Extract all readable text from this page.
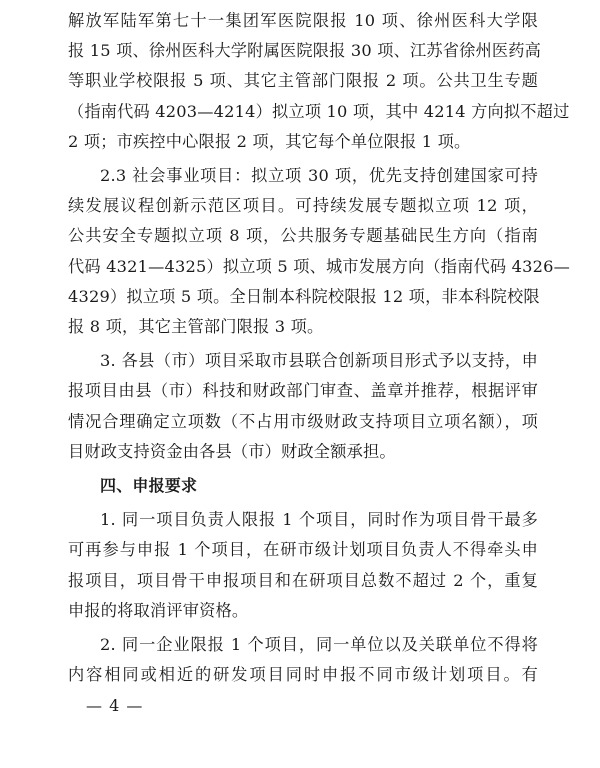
解放军陆军第七十一集团军医院限报 10 项、徐州医科大学限
报 15 项、徐州医科大学附属医院限报 30 项、江苏省徐州医药高
等职业学校限报 5 项、其它主管部门限报 2 项。公共卫生专题
（指南代码 4203—4214）拟立项 10 项，其中 4214 方向拟不超过
2 项；市疾控中心限报 2 项，其它每个单位限报 1 项。
2.3 社会事业项目：拟立项 30 项，优先支持创建国家可持
续发展议程创新示范区项目。可持续发展专题拟立项 12 项，
公共安全专题拟立项 8 项，公共服务专题基础民生方向（指南
代码 4321—4325）拟立项 5 项、城市发展方向（指南代码 4326—
4329）拟立项 5 项。全日制本科院校限报 12 项，非本科院校限
报 8 项，其它主管部门限报 3 项。
3. 各县（市）项目采取市县联合创新项目形式予以支持，申
报项目由县（市）科技和财政部门审查、盖章并推荐，根据评审
情况合理确定立项数（不占用市级财政支持项目立项名额），项
目财政支持资金由各县（市）财政全额承担。
四、申报要求
1. 同一项目负责人限报 1 个项目，同时作为项目骨干最多
可再参与申报 1 个项目，在研市级计划项目负责人不得牵头申
报项目，项目骨干申报项目和在研项目总数不超过 2 个，重复
申报的将取消评审资格。
2. 同一企业限报 1 个项目，同一单位以及关联单位不得将
内容相同或相近的研发项目同时申报不同市级计划项目。有
— 4 —
